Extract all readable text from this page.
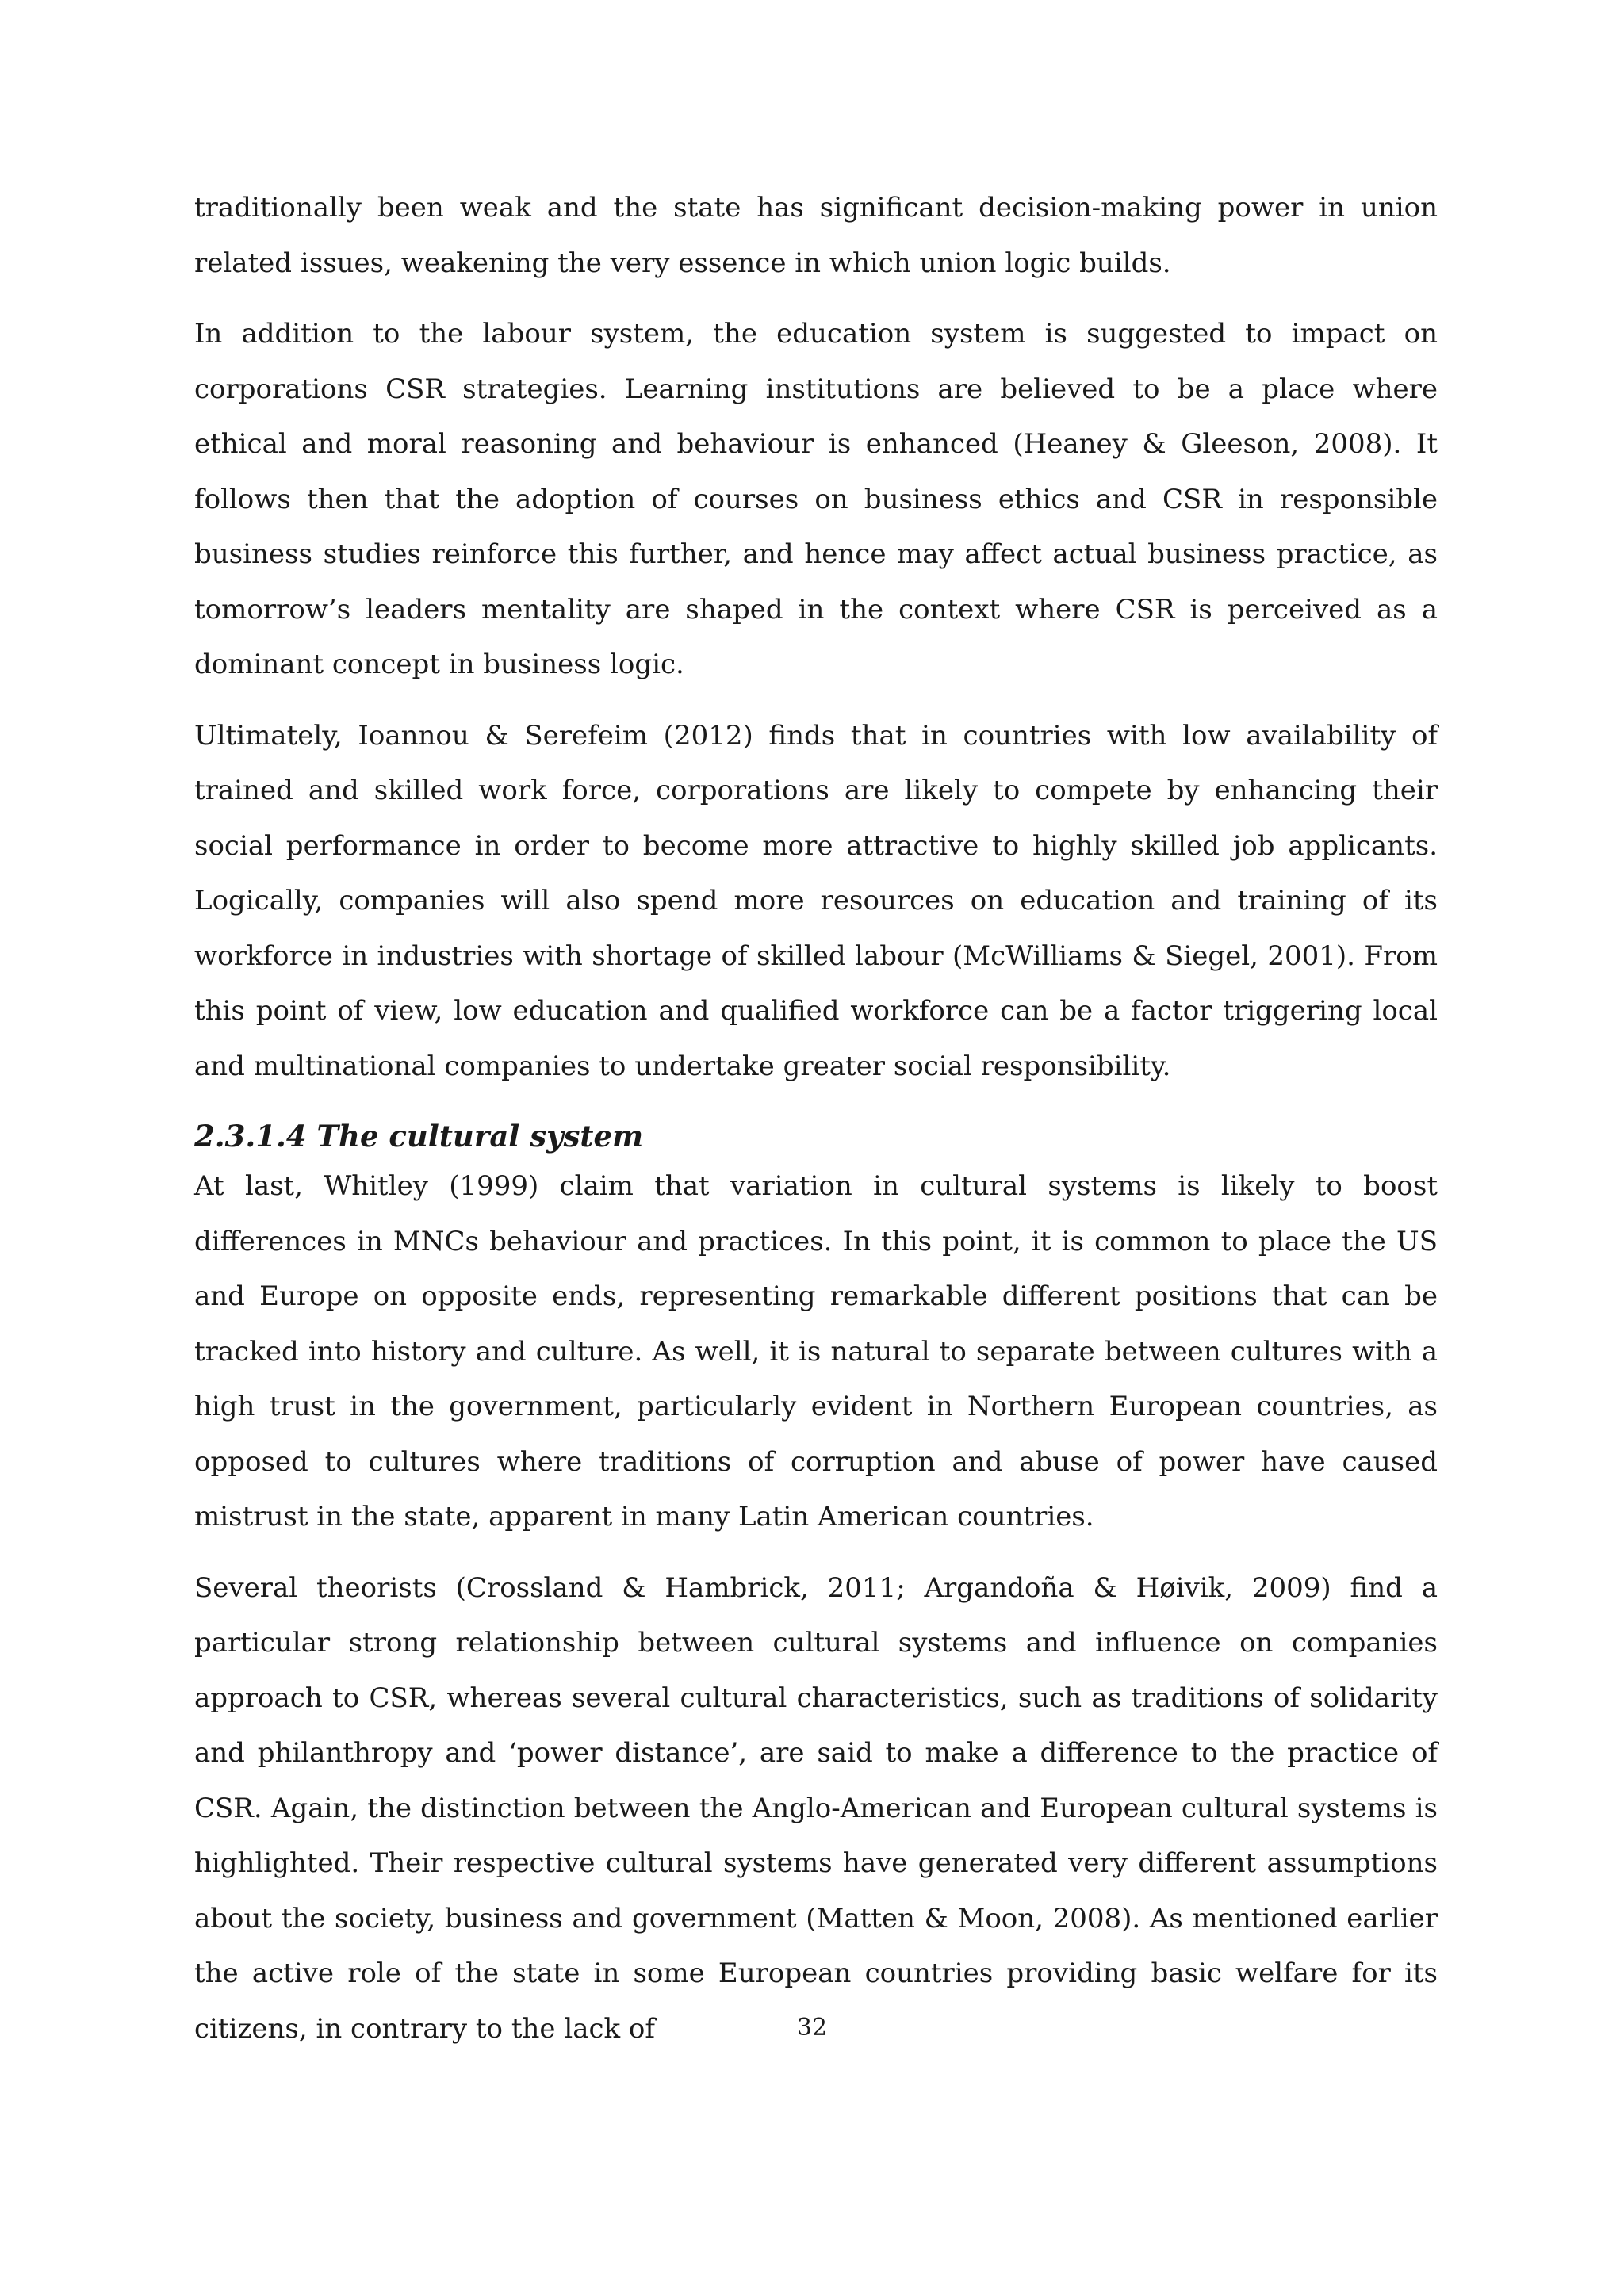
traditionally been weak and the state has significant decision-making power in union related issues, weakening the very essence in which union logic builds.

In addition to the labour system, the education system is suggested to impact on corporations CSR strategies. Learning institutions are believed to be a place where ethical and moral reasoning and behaviour is enhanced (Heaney & Gleeson, 2008). It follows then that the adoption of courses on business ethics and CSR in responsible business studies reinforce this further, and hence may affect actual business practice, as tomorrow’s leaders mentality are shaped in the context where CSR is perceived as a dominant concept in business logic.

Ultimately, Ioannou & Serefeim (2012) finds that in countries with low availability of trained and skilled work force, corporations are likely to compete by enhancing their social performance in order to become more attractive to highly skilled job applicants. Logically, companies will also spend more resources on education and training of its workforce in industries with shortage of skilled labour (McWilliams & Siegel, 2001). From this point of view, low education and qualified workforce can be a factor triggering local and multinational companies to undertake greater social responsibility.

2.3.1.4 The cultural system

At last, Whitley (1999) claim that variation in cultural systems is likely to boost differences in MNCs behaviour and practices. In this point, it is common to place the US and Europe on opposite ends, representing remarkable different positions that can be tracked into history and culture. As well, it is natural to separate between cultures with a high trust in the government, particularly evident in Northern European countries, as opposed to cultures where traditions of corruption and abuse of power have caused mistrust in the state, apparent in many Latin American countries.

Several theorists (Crossland & Hambrick, 2011; Argandoña & Høivik, 2009) find a particular strong relationship between cultural systems and influence on companies approach to CSR, whereas several cultural characteristics, such as traditions of solidarity and philanthropy and ‘power distance’, are said to make a difference to the practice of CSR. Again, the distinction between the Anglo-American and European cultural systems is highlighted. Their respective cultural systems have generated very different assumptions about the society, business and government (Matten & Moon, 2008). As mentioned earlier the active role of the state in some European countries providing basic welfare for its citizens, in contrary to the lack of	32
